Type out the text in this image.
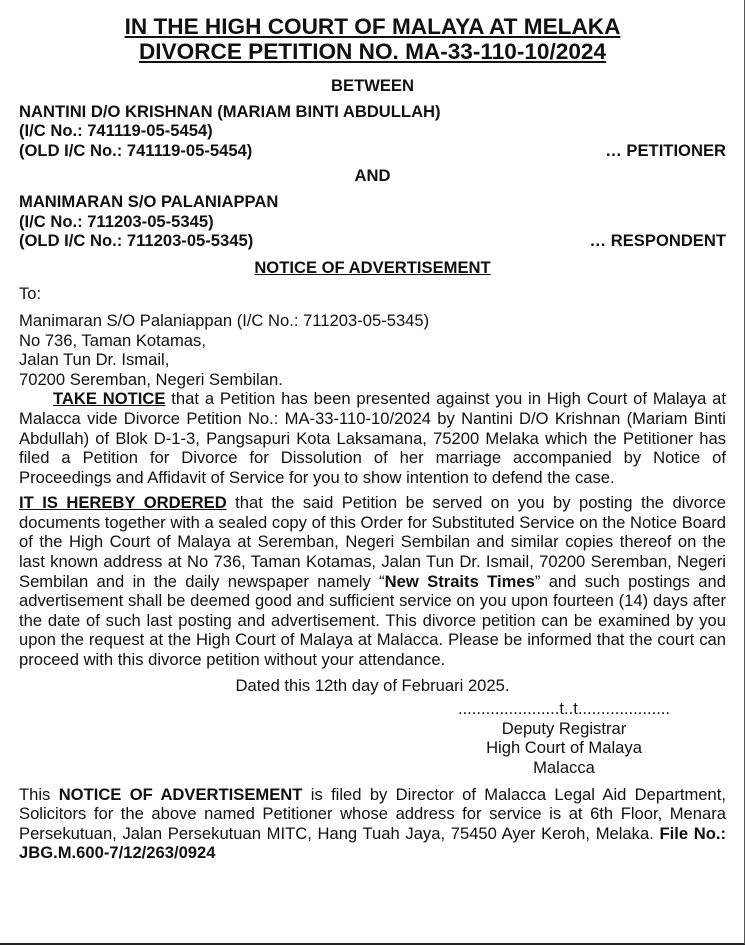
IN THE HIGH COURT OF MALAYA AT MELAKA

DIVORCE PETITION NO. MA-33-110-10/2024

BETWEEN

NANTINI D/O KRISHNAN (MARIAM BINTI ABDULLAH)

(I/C No.: 741119-05-5454)

(OLD I/C No.: 741119-05-5454)	… PETITIONER

AND

MANIMARAN S/O PALANIAPPAN

(I/C No.: 711203-05-5345)

(OLD I/C No.: 711203-05-5345)	… RESPONDENT

NOTICE OF ADVERTISEMENT

To:

Manimaran S/O Palaniappan (I/C No.: 711203-05-5345)

No 736, Taman Kotamas,

Jalan Tun Dr. Ismail,

70200 Seremban, Negeri Sembilan.

TAKE NOTICE that a Petition has been presented against you in High Court of Malaya at Malacca vide Divorce Petition No.: MA-33-110-10/2024 by Nantini D/O Krishnan (Mariam Binti Abdullah) of Blok D-1-3, Pangsapuri Kota Laksamana, 75200 Melaka which the Petitioner has filed a Petition for Divorce for Dissolution of her marriage accompanied by Notice of Proceedings and Affidavit of Service for you to show intention to defend the case.

IT IS HEREBY ORDERED that the said Petition be served on you by posting the divorce documents together with a sealed copy of this Order for Substituted Service on the Notice Board of the High Court of Malaya at Seremban, Negeri Sembilan and similar copies thereof on the last known address at No 736, Taman Kotamas, Jalan Tun Dr. Ismail, 70200 Seremban, Negeri Sembilan and in the daily newspaper namely “New Straits Times” and such postings and advertisement shall be deemed good and sufficient service on you upon fourteen (14) days after the date of such last posting and advertisement. This divorce petition can be examined by you upon the request at the High Court of Malaya at Malacca. Please be informed that the court can proceed with this divorce petition without your attendance.

Dated this 12th day of Februari 2025.

......................t..t....................

Deputy Registrar

High Court of Malaya

Malacca

This NOTICE OF ADVERTISEMENT is filed by Director of Malacca Legal Aid Department, Solicitors for the above named Petitioner whose address for service is at 6th Floor, Menara Persekutuan, Jalan Persekutuan MITC, Hang Tuah Jaya, 75450 Ayer Keroh, Melaka. File No.: JBG.M.600-7/12/263/0924
